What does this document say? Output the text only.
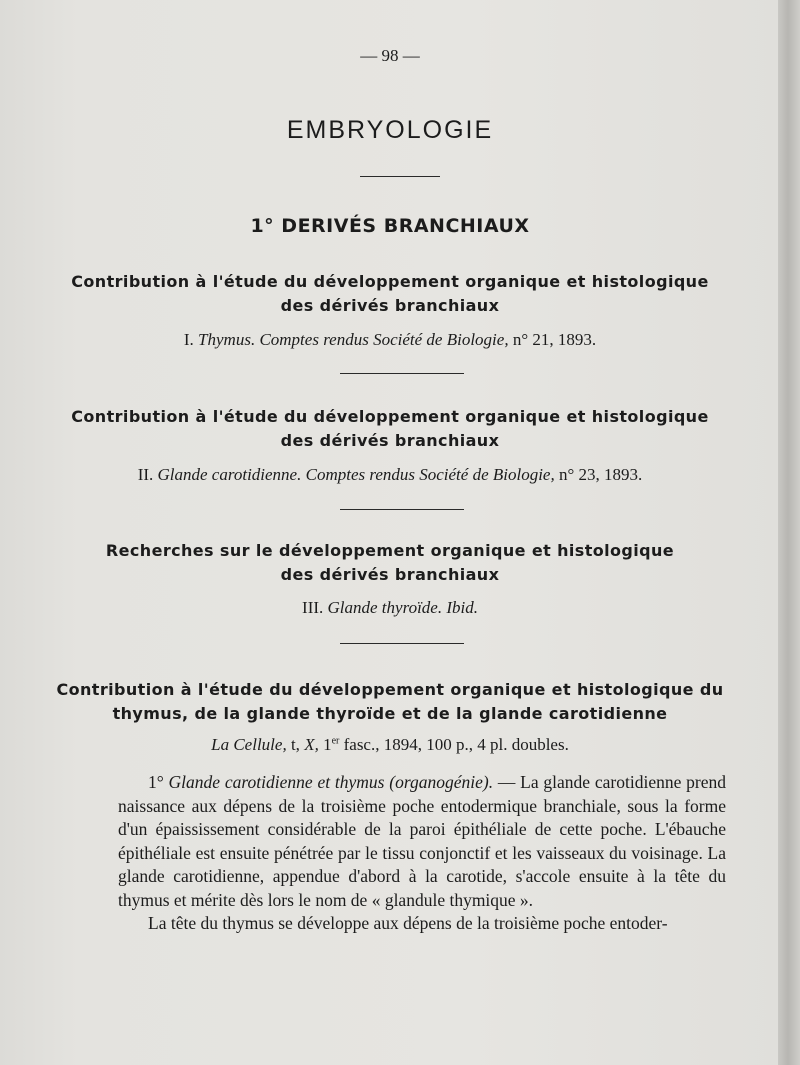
— 98 —
EMBRYOLOGIE
1° DERIVÉS BRANCHIAUX
Contribution à l'étude du développement organique et histologique
des dérivés branchiaux
I. Thymus. Comptes rendus Société de Biologie, n° 21, 1893.
Contribution à l'étude du développement organique et histologique
des dérivés branchiaux
II. Glande carotidienne. Comptes rendus Société de Biologie, n° 23, 1893.
Recherches sur le développement organique et histologique
des dérivés branchiaux
III. Glande thyroïde. Ibid.
Contribution à l'étude du développement organique et histologique du
thymus, de la glande thyroïde et de la glande carotidienne
La Cellule, t, X, 1er fasc., 1894, 100 p., 4 pl. doubles.

1° Glande carotidienne et thymus (organogénie). — La glande carotidienne prend naissance aux dépens de la troisième poche entodermique branchiale, sous la forme d'un épaississement considérable de la paroi épithéliale de cette poche. L'ébauche épithéliale est ensuite pénétrée par le tissu conjonctif et les vaisseaux du voisinage. La glande carotidienne, appendue d'abord à la carotide, s'accole ensuite à la tête du thymus et mérite dès lors le nom de « glandule thymique ».

La tête du thymus se développe aux dépens de la troisième poche entoder-
